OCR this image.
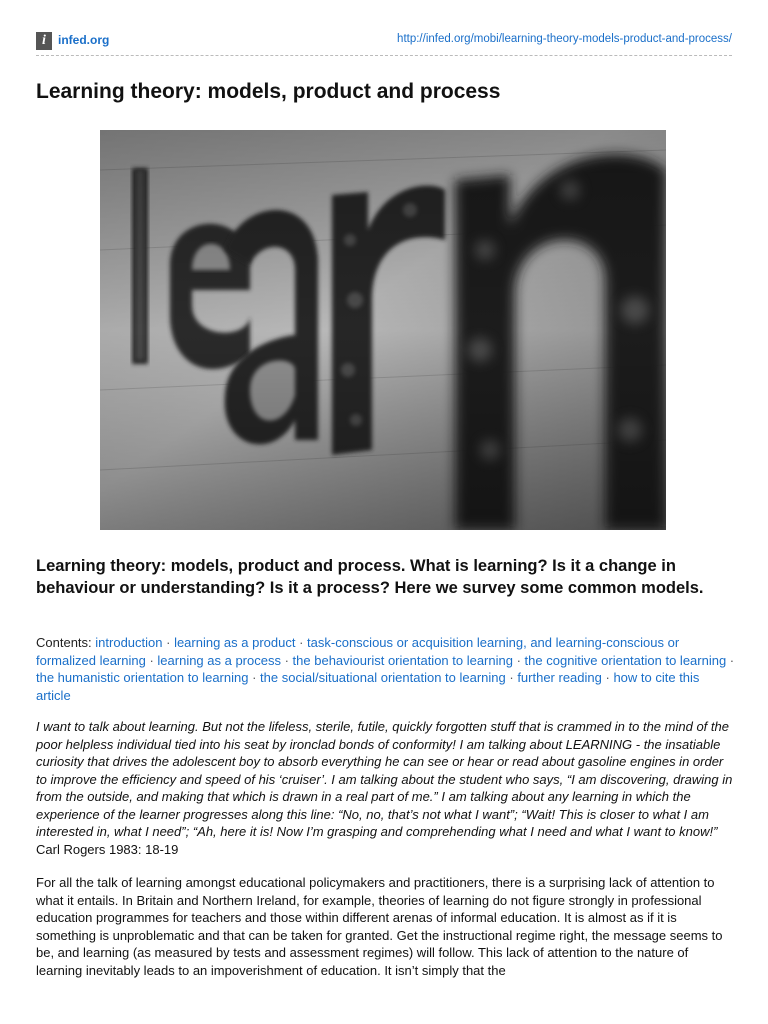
i	infed.org	http://infed.org/mobi/learning-theory-models-product-and-process/
Learning theory: models, product and process

Learning theory: models, product and process. What is learning? Is it a change in behaviour or understanding? Is it a process? Here we survey some common models.

Contents: introduction · learning as a product · task-conscious or acquisition learning, and learning-conscious or formalized learning · learning as a process · the behaviourist orientation to learning · the cognitive orientation to learning · the humanistic orientation to learning · the social/situational orientation to learning · further reading · how to cite this article

I want to talk about learning. But not the lifeless, sterile, futile, quickly forgotten stuff that is crammed in to the mind of the poor helpless individual tied into his seat by ironclad bonds of conformity! I am talking about LEARNING - the insatiable curiosity that drives the adolescent boy to absorb everything he can see or hear or read about gasoline engines in order to improve the efficiency and speed of his ‘cruiser’. I am talking about the student who says, “I am discovering, drawing in from the outside, and making that which is drawn in a real part of me.” I am talking about any learning in which the experience of the learner progresses along this line: “No, no, that’s not what I want”; “Wait! This is closer to what I am interested in, what I need”; “Ah, here it is! Now I’m grasping and comprehending what I need and what I want to know!” Carl Rogers 1983: 18-19

For all the talk of learning amongst educational policymakers and practitioners, there is a surprising lack of attention to what it entails. In Britain and Northern Ireland, for example, theories of learning do not figure strongly in professional education programmes for teachers and those within different arenas of informal education. It is almost as if it is something is unproblematic and that can be taken for granted. Get the instructional regime right, the message seems to be, and learning (as measured by tests and assessment regimes) will follow. This lack of attention to the nature of learning inevitably leads to an impoverishment of education. It isn’t simply that the
